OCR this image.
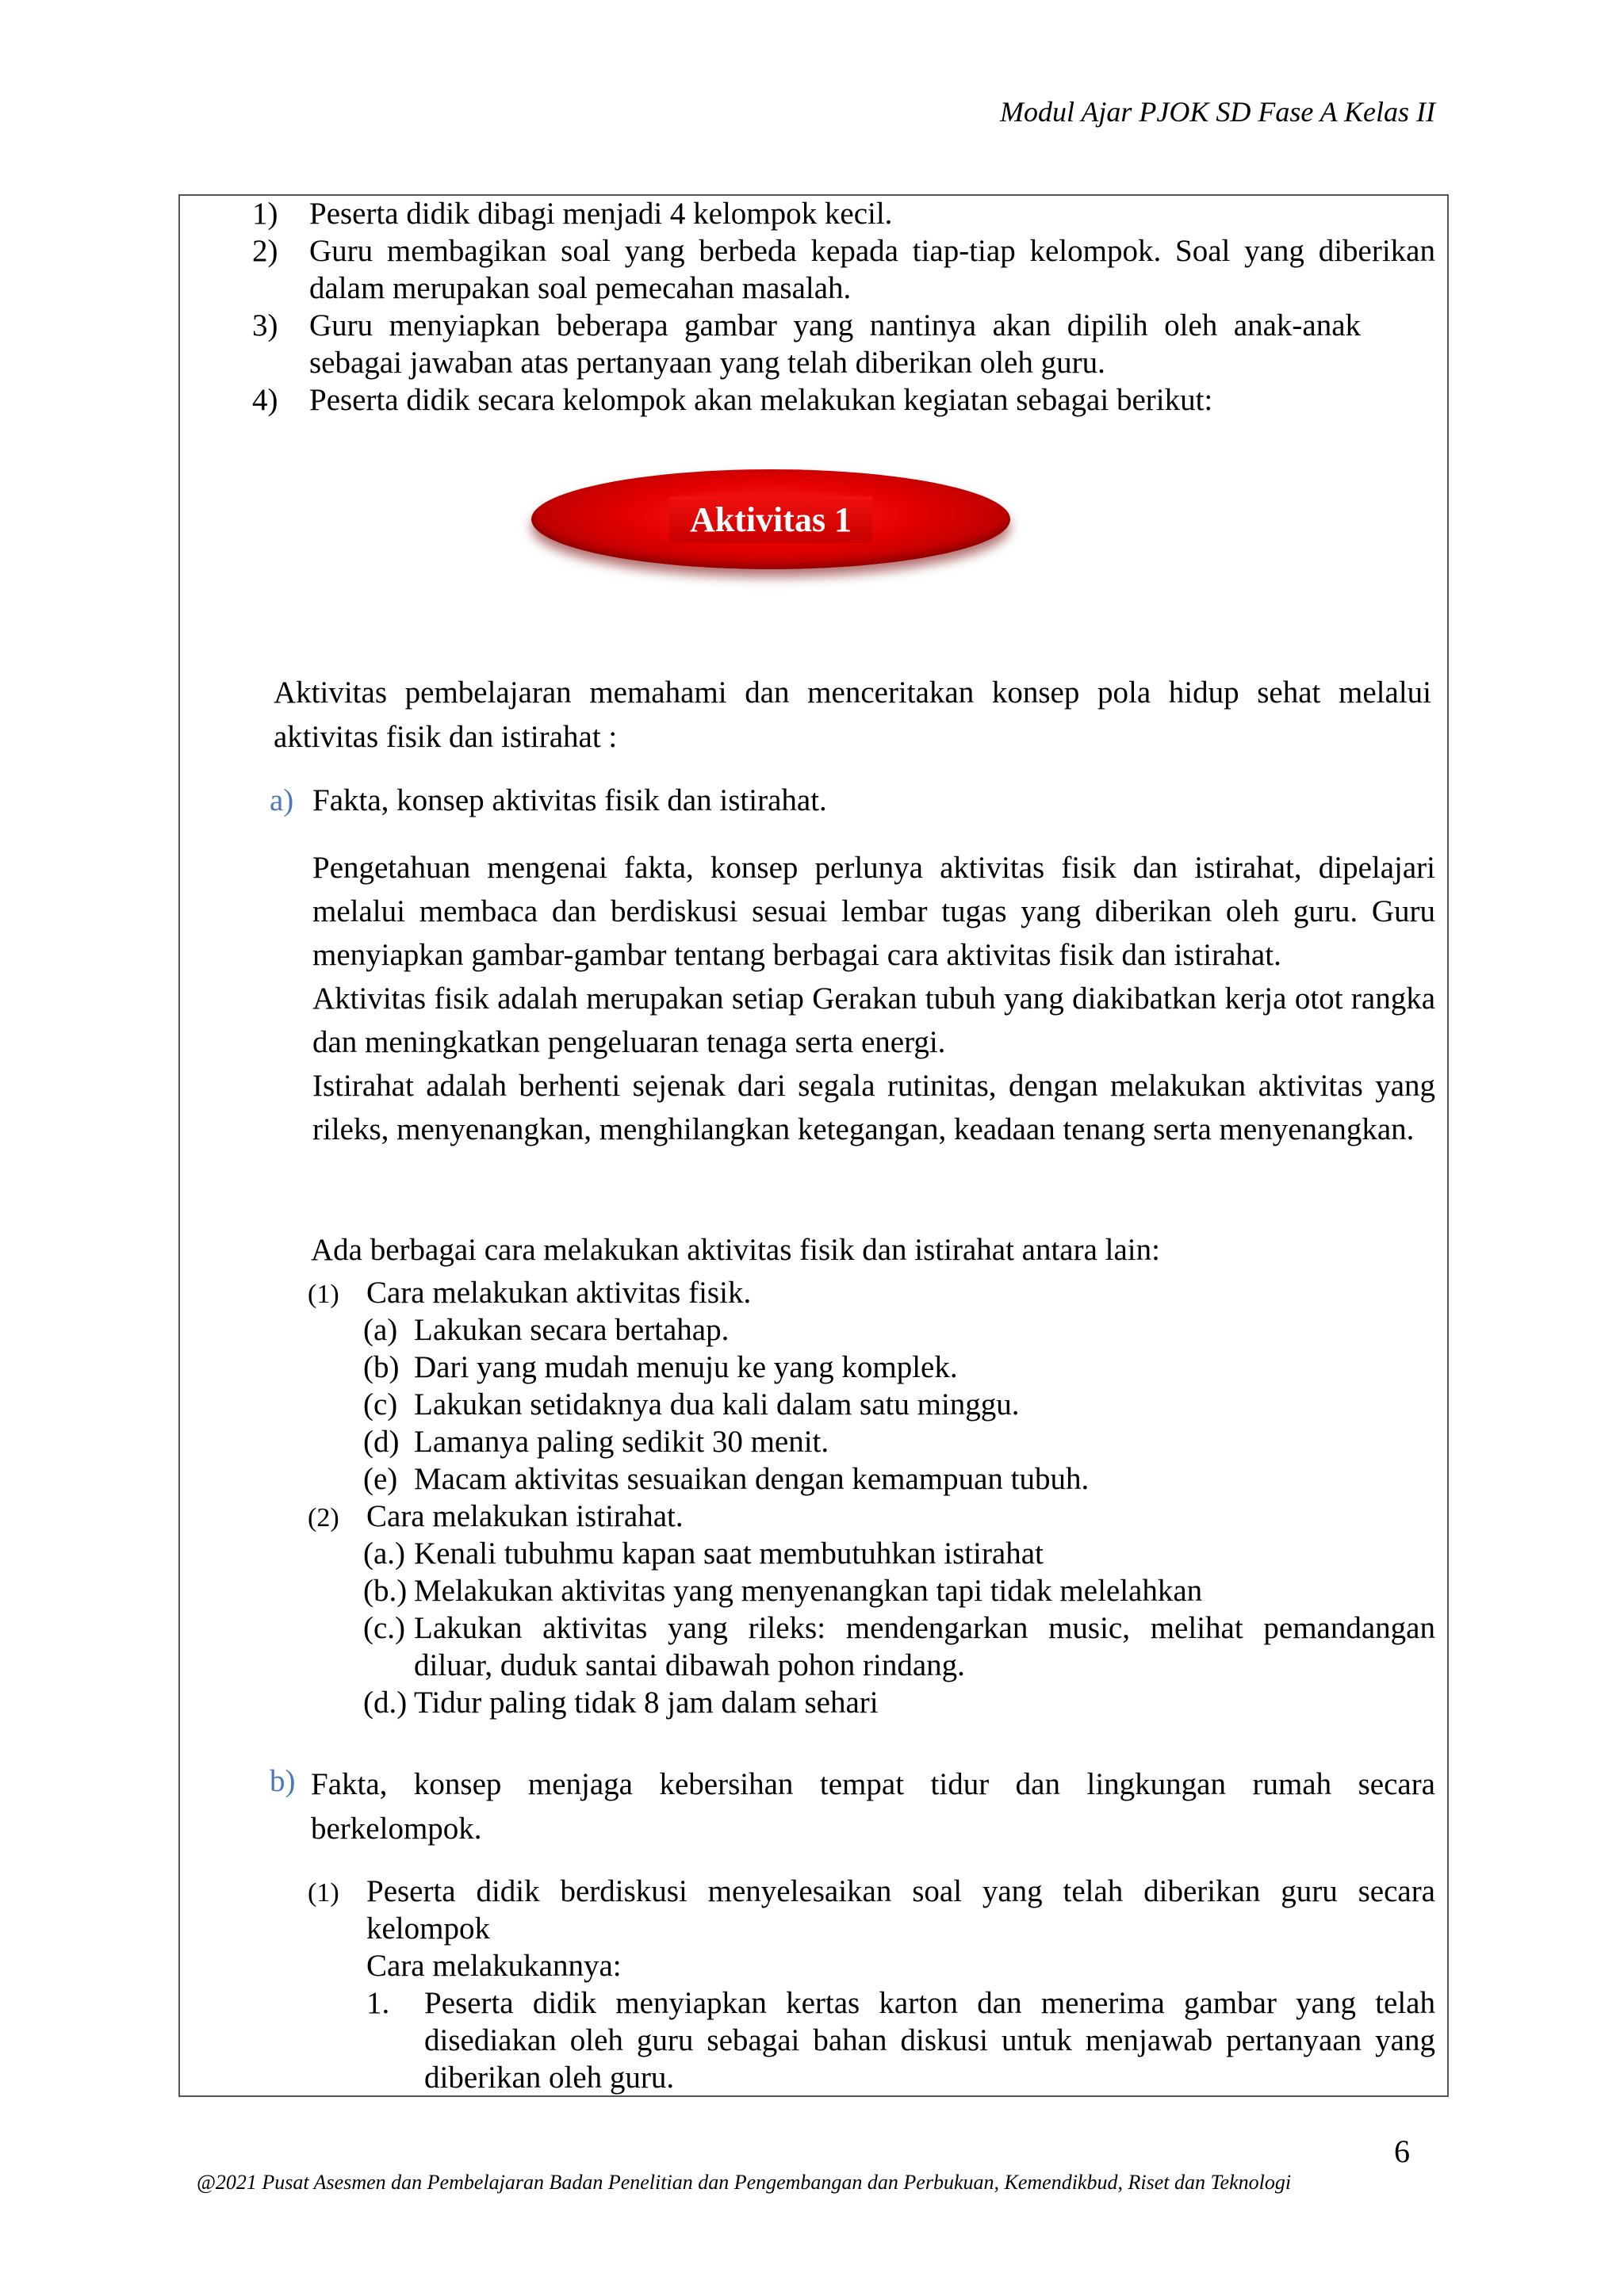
Modul Ajar PJOK SD Fase A Kelas II
1) Peserta didik dibagi menjadi 4 kelompok kecil.
2) Guru membagikan soal yang berbeda kepada tiap-tiap kelompok. Soal yang diberikan
dalam merupakan soal pemecahan masalah.
3) Guru menyiapkan beberapa gambar yang nantinya akan dipilih oleh anak-anak
sebagai jawaban atas pertanyaan yang telah diberikan oleh guru.
4) Peserta didik secara kelompok akan melakukan kegiatan sebagai berikut:
Aktivitas 1
Aktivitas pembelajaran memahami dan menceritakan konsep pola hidup sehat melalui aktivitas fisik dan istirahat :
a) Fakta, konsep aktivitas fisik dan istirahat.
Pengetahuan mengenai fakta, konsep perlunya aktivitas fisik dan istirahat, dipelajari melalui membaca dan berdiskusi sesuai lembar tugas yang diberikan oleh guru. Guru menyiapkan gambar-gambar tentang berbagai cara aktivitas fisik dan istirahat.
Aktivitas fisik adalah merupakan setiap Gerakan tubuh yang diakibatkan kerja otot rangka dan meningkatkan pengeluaran tenaga serta energi.
Istirahat adalah berhenti sejenak dari segala rutinitas, dengan melakukan aktivitas yang rileks, menyenangkan, menghilangkan ketegangan, keadaan tenang serta menyenangkan.
Ada berbagai cara melakukan aktivitas fisik dan istirahat antara lain:
(1) Cara melakukan aktivitas fisik.
(a) Lakukan secara bertahap.
(b) Dari yang mudah menuju ke yang komplek.
(c) Lakukan setidaknya dua kali dalam satu minggu.
(d) Lamanya paling sedikit 30 menit.
(e) Macam aktivitas sesuaikan dengan kemampuan tubuh.
(2) Cara melakukan istirahat.
(a.) Kenali tubuhmu kapan saat membutuhkan istirahat
(b.) Melakukan aktivitas yang menyenangkan tapi tidak melelahkan
(c.) Lakukan aktivitas yang rileks: mendengarkan music, melihat pemandangan
diluar, duduk santai dibawah pohon rindang.
(d.) Tidur paling tidak 8 jam dalam sehari
b) Fakta, konsep menjaga kebersihan tempat tidur dan lingkungan rumah secara berkelompok.
(1) Peserta didik berdiskusi menyelesaikan soal yang telah diberikan guru secara kelompok
Cara melakukannya:
1. Peserta didik menyiapkan kertas karton dan menerima gambar yang telah disediakan oleh guru sebagai bahan diskusi untuk menjawab pertanyaan yang diberikan oleh guru.
6
@2021 Pusat Asesmen dan Pembelajaran Badan Penelitian dan Pengembangan dan Perbukuan, Kemendikbud, Riset dan Teknologi
